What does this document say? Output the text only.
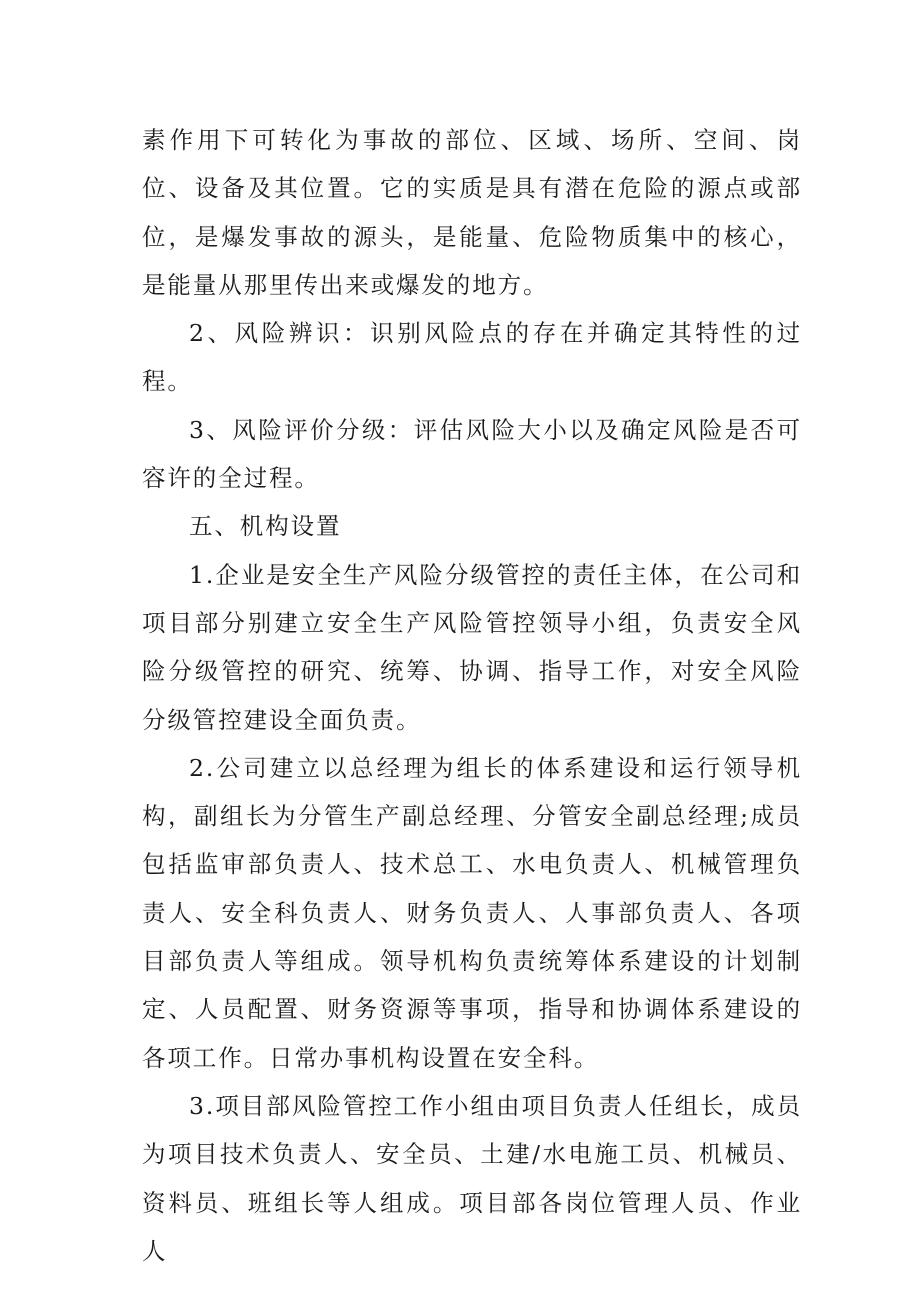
素作用下可转化为事故的部位、区域、场所、空间、岗位、设备及其位置。它的实质是具有潜在危险的源点或部位，是爆发事故的源头，是能量、危险物质集中的核心，是能量从那里传出来或爆发的地方。

2、风险辨识：识别风险点的存在并确定其特性的过程。

3、风险评价分级：评估风险大小以及确定风险是否可容许的全过程。

五、机构设置

1.企业是安全生产风险分级管控的责任主体，在公司和项目部分别建立安全生产风险管控领导小组，负责安全风险分级管控的研究、统筹、协调、指导工作，对安全风险分级管控建设全面负责。

2.公司建立以总经理为组长的体系建设和运行领导机构，副组长为分管生产副总经理、分管安全副总经理;成员包括监审部负责人、技术总工、水电负责人、机械管理负责人、安全科负责人、财务负责人、人事部负责人、各项目部负责人等组成。领导机构负责统筹体系建设的计划制定、人员配置、财务资源等事项，指导和协调体系建设的各项工作。日常办事机构设置在安全科。

3.项目部风险管控工作小组由项目负责人任组长，成员为项目技术负责人、安全员、土建/水电施工员、机械员、资料员、班组长等人组成。项目部各岗位管理人员、作业人
